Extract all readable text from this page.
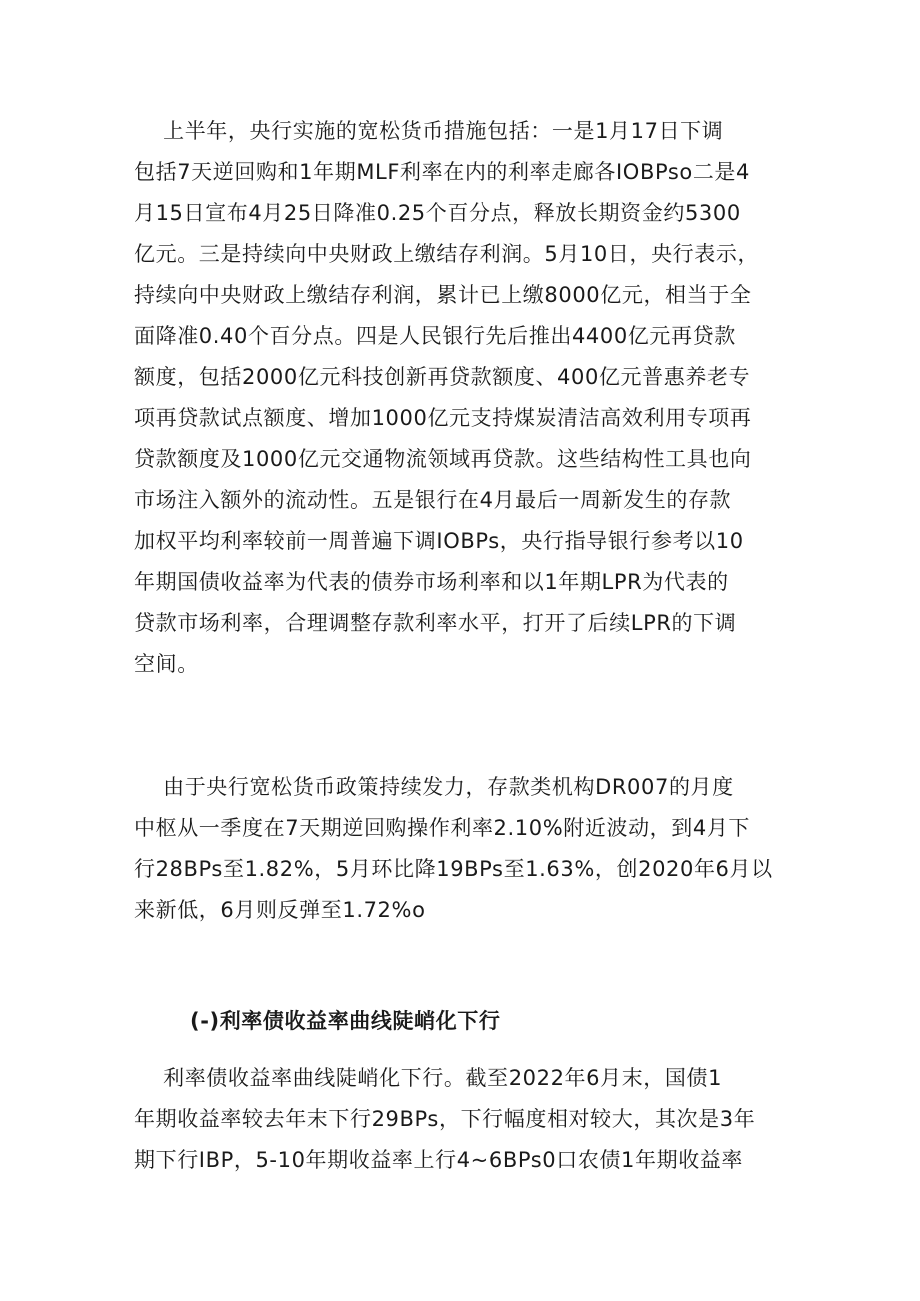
上半年，央行实施的宽松货币措施包括：一是1月17日下调
包括7天逆回购和1年期MLF利率在内的利率走廊各IOBPso二是4
月15日宣布4月25日降准0.25个百分点，释放长期资金约5300
亿元。三是持续向中央财政上缴结存利润。5月10日，央行表示，
持续向中央财政上缴结存利润，累计已上缴8000亿元，相当于全
面降准0.40个百分点。四是人民银行先后推出4400亿元再贷款
额度，包括2000亿元科技创新再贷款额度、400亿元普惠养老专
项再贷款试点额度、增加1000亿元支持煤炭清洁高效利用专项再
贷款额度及1000亿元交通物流领域再贷款。这些结构性工具也向
市场注入额外的流动性。五是银行在4月最后一周新发生的存款
加权平均利率较前一周普遍下调IOBPs，央行指导银行参考以10
年期国债收益率为代表的债券市场利率和以1年期LPR为代表的
贷款市场利率，合理调整存款利率水平，打开了后续LPR的下调
空间。
由于央行宽松货币政策持续发力，存款类机构DR007的月度
中枢从一季度在7天期逆回购操作利率2.10%附近波动，到4月下
行28BPs至1.82%，5月环比降19BPs至1.63%，创2020年6月以
来新低，6月则反弹至1.72%o
(-)利率债收益率曲线陡峭化下行
利率债收益率曲线陡峭化下行。截至2022年6月末，国债1
年期收益率较去年末下行29BPs，下行幅度相对较大，其次是3年
期下行IBP，5-10年期收益率上行4~6BPs0口农债1年期收益率
